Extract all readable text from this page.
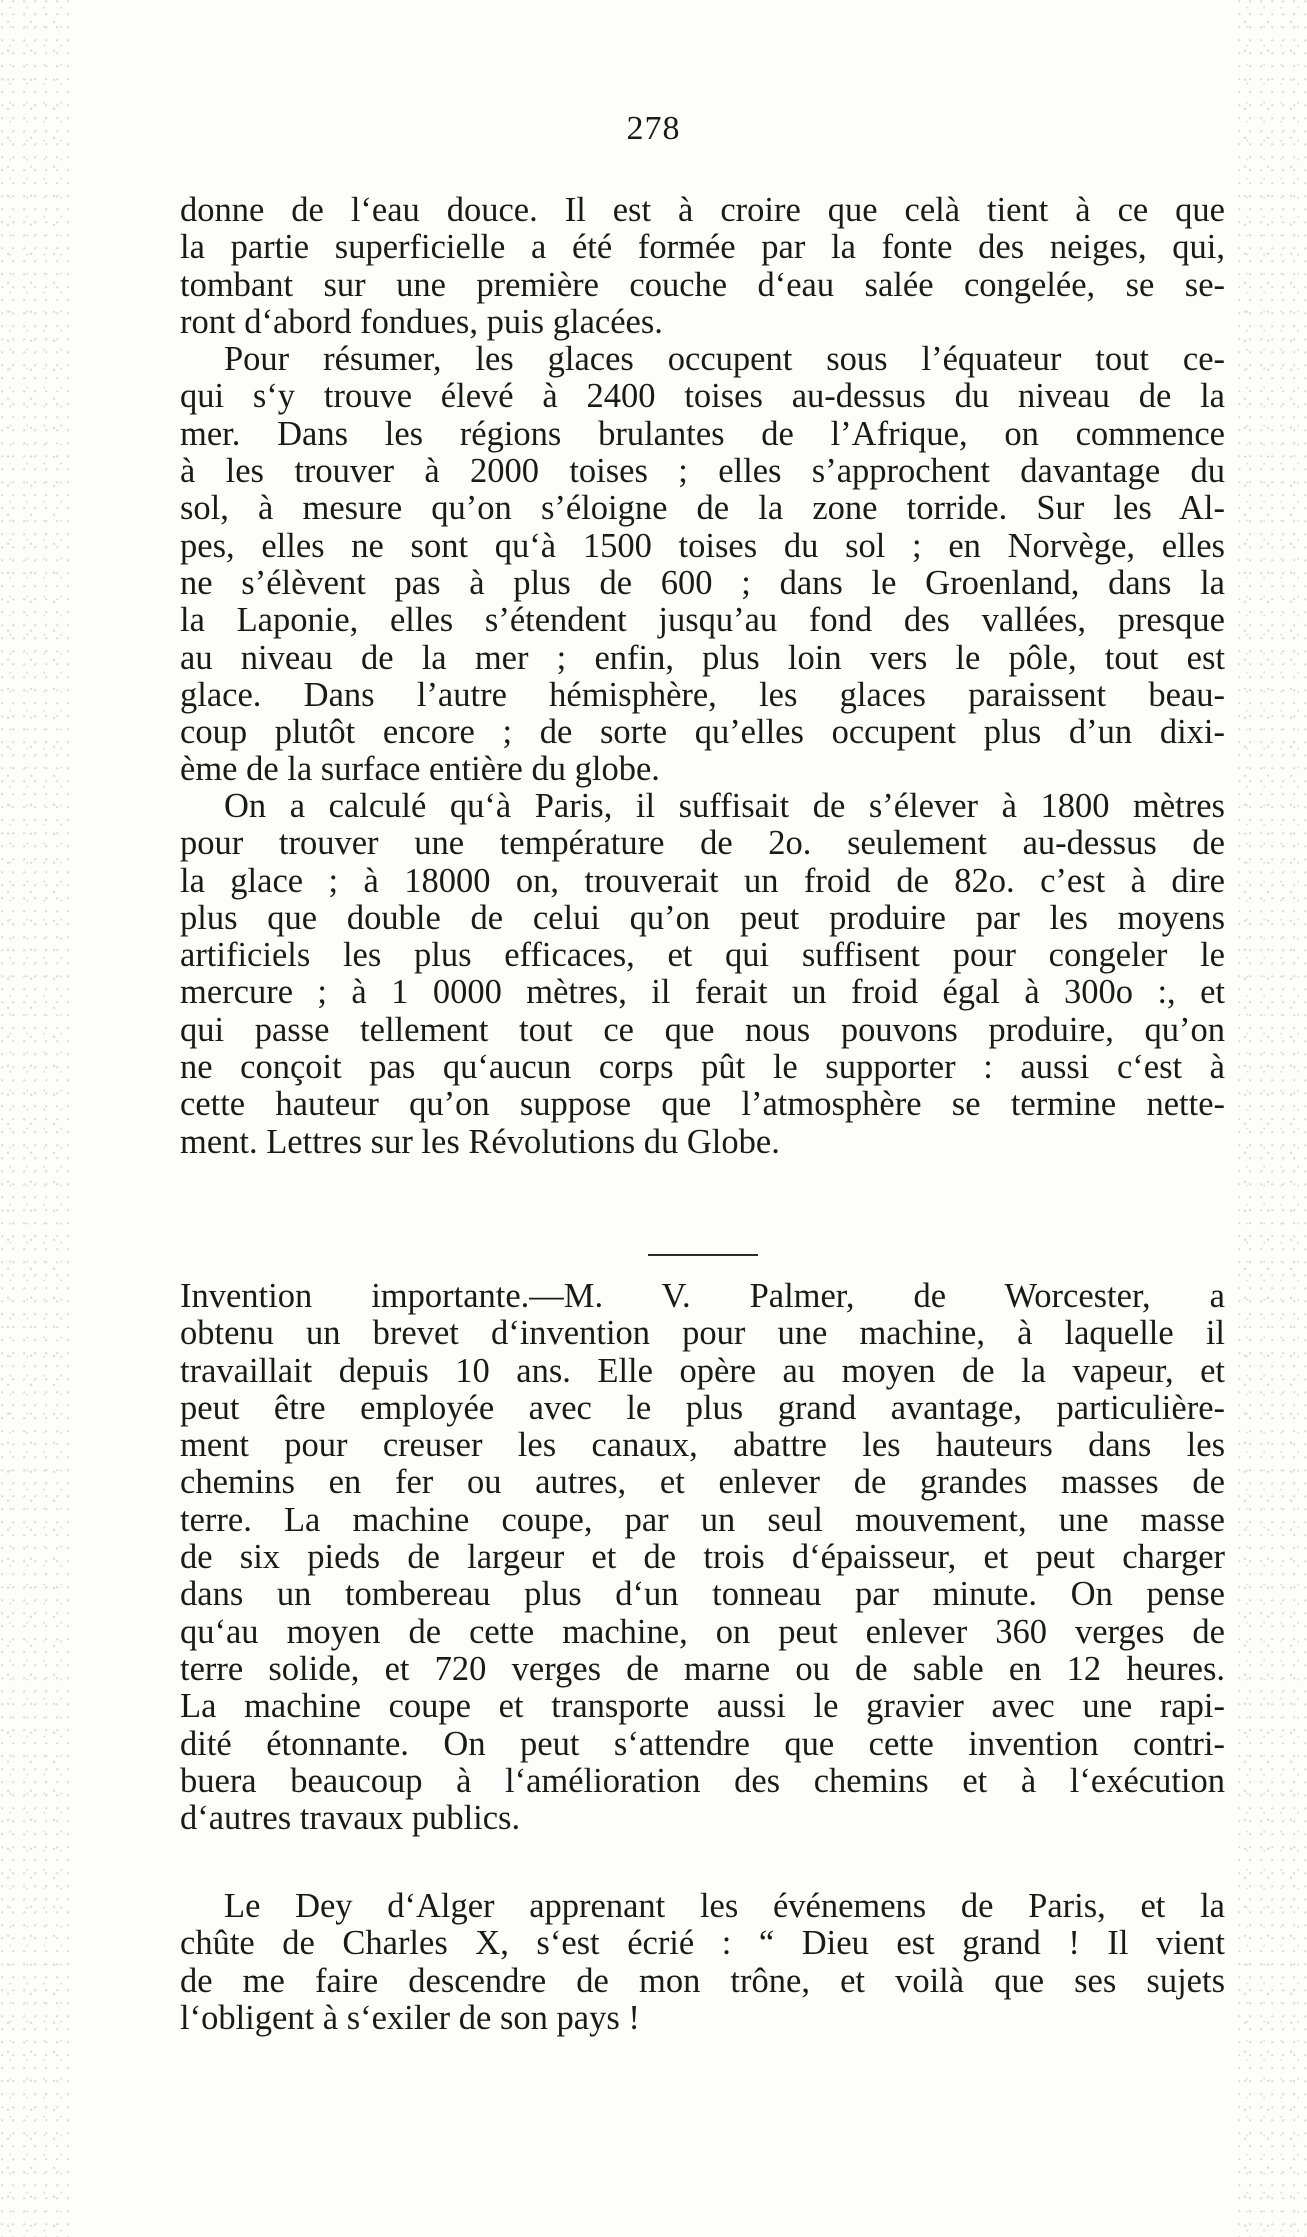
278
donne de l‘eau douce. Il est à croire que celà tient à ce que
la partie superficielle a été formée par la fonte des neiges, qui,
tombant sur une première couche d‘eau salée congelée, se se-
ront d‘abord fondues, puis glacées.
Pour résumer, les glaces occupent sous l’équateur tout ce-
qui s‘y trouve élevé à 2400 toises au-dessus du niveau de la
mer. Dans les régions brulantes de l’Afrique, on commence
à les trouver à 2000 toises ; elles s’approchent davantage du
sol, à mesure qu’on s’éloigne de la zone torride. Sur les Al-
pes, elles ne sont qu‘à 1500 toises du sol ; en Norvège, elles
ne s’élèvent pas à plus de 600 ; dans le Groenland, dans la
la Laponie, elles s’étendent jusqu’au fond des vallées, presque
au niveau de la mer ; enfin, plus loin vers le pôle, tout est
glace. Dans l’autre hémisphère, les glaces paraissent beau-
coup plutôt encore ; de sorte qu’elles occupent plus d’un dixi-
ème de la surface entière du globe.
On a calculé qu‘à Paris, il suffisait de s’élever à 1800 mètres
pour trouver une température de 2o. seulement au-dessus de
la glace ; à 18000 on, trouverait un froid de 82o. c’est à dire
plus que double de celui qu’on peut produire par les moyens
artificiels les plus efficaces, et qui suffisent pour congeler le
mercure ; à 1 0000 mètres, il ferait un froid égal à 300o :, et
qui passe tellement tout ce que nous pouvons produire, qu’on
ne conçoit pas qu‘aucun corps pût le supporter : aussi c‘est à
cette hauteur qu’on suppose que l’atmosphère se termine nette-
ment. Lettres sur les Révolutions du Globe.
Invention importante.—M. V. Palmer, de Worcester, a
obtenu un brevet d‘invention pour une machine, à laquelle il
travaillait depuis 10 ans. Elle opère au moyen de la vapeur, et
peut être employée avec le plus grand avantage, particulière-
ment pour creuser les canaux, abattre les hauteurs dans les
chemins en fer ou autres, et enlever de grandes masses de
terre. La machine coupe, par un seul mouvement, une masse
de six pieds de largeur et de trois d‘épaisseur, et peut charger
dans un tombereau plus d‘un tonneau par minute. On pense
qu‘au moyen de cette machine, on peut enlever 360 verges de
terre solide, et 720 verges de marne ou de sable en 12 heures.
La machine coupe et transporte aussi le gravier avec une rapi-
dité étonnante. On peut s‘attendre que cette invention contri-
buera beaucoup à l‘amélioration des chemins et à l‘exécution
d‘autres travaux publics.
Le Dey d‘Alger apprenant les événemens de Paris, et la
chûte de Charles X, s‘est écrié : “ Dieu est grand ! Il vient
de me faire descendre de mon trône, et voilà que ses sujets
l‘obligent à s‘exiler de son pays !
